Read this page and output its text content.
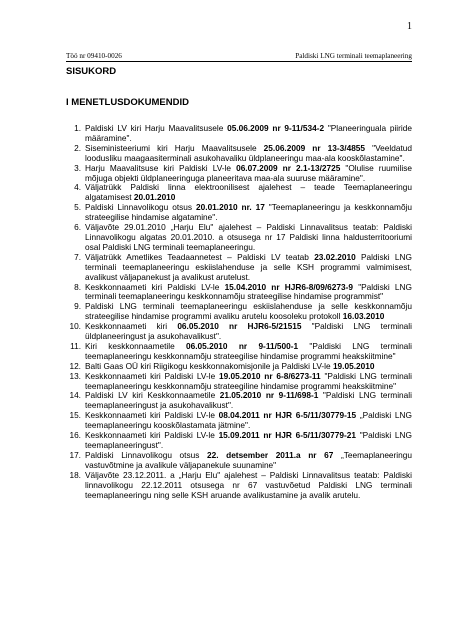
1
Töö nr 09410-0026	Paldiski LNG terminali teemaplaneering
SISUKORD
I MENETLUSDOKUMENDID
1. Paldiski LV kiri Harju Maavalitsusele 05.06.2009 nr 9-11/534-2 "Planeeringuala piiride määramine".
2. Siseministeeriumi kiri Harju Maavalitsusele 25.06.2009 nr 13-3/4855 "Veeldatud loodusliku maagaasiterminali asukohavaliku üldplaneeringu maa-ala kooskõlastamine".
3. Harju Maavalitsuse kiri Paldiski LV-le 06.07.2009 nr 2.1-13/2725 "Olulise ruumilise mõjuga objekti üldplaneeringuga planeeritava maa-ala suuruse määramine".
4. Väljatrükk Paldiski linna elektroonilisest ajalehest – teade Teemaplaneeringu algatamisest 20.01.2010
5. Paldiski Linnavolikogu otsus 20.01.2010 nr. 17 "Teemaplaneeringu ja keskkonnamõju strateegilise hindamise algatamine".
6. Väljavõte 29.01.2010 „Harju Elu" ajalehest – Paldiski Linnavalitsus teatab: Paldiski Linnavolikogu algatas 20.01.2010. a otsusega nr 17 Paldiski linna haldusterritooriumi osal Paldiski LNG terminali teemaplaneeringu.
7. Väljatrükk Ametlikes Teadaannetest – Paldiski LV teatab 23.02.2010 Paldiski LNG terminali teemaplaneeringu eskiislahenduse ja selle KSH programmi valmimisest, avalikust väljapanekust ja avalikust arutelust.
8. Keskkonnaameti kiri Paldiski LV-le 15.04.2010 nr HJR6-8/09/6273-9 "Paldiski LNG terminali teemaplaneeringu keskkonnamõju strateegilise hindamise programmist"
9. Paldiski LNG terminali teemaplaneeringu eskiislahenduse ja selle keskkonnamõju strateegilise hindamise programmi avaliku arutelu koosoleku protokoll 16.03.2010
10. Keskkonnaameti kiri 06.05.2010 nr HJR6-5/21515 "Paldiski LNG terminali üldplaneeringust ja asukohavalikust".
11. Kiri keskkonnaametile 06.05.2010 nr 9-11/500-1 "Paldiski LNG terminali teemaplaneeringu keskkonnamõju strateegilise hindamise programmi heakskiitmine"
12. Balti Gaas OÜ kiri Riigikogu keskkonnakomisjonile ja Paldiski LV-le 19.05.2010
13. Keskkonnaameti kiri Paldiski LV-le 19.05.2010 nr 6-8/6273-11 "Paldiski LNG terminali teemaplaneeringu keskkonnamõju strateegiline hindamise programmi heakskiitmine"
14. Paldiski LV kiri Keskkonnaametile 21.05.2010 nr 9-11/698-1 "Paldiski LNG terminali teemaplaneeringust ja asukohavalikust".
15. Keskkonnaameti kiri Paldiski LV-le 08.04.2011 nr HJR 6-5/11/30779-15 „Paldiski LNG teemaplaneeringu kooskõlastamata jätmine".
16. Keskkonnaameti kiri Paldiski LV-le 15.09.2011 nr HJR 6-5/11/30779-21 "Paldiski LNG teemaplaneeringust".
17. Paldiski Linnavolikogu otsus 22. detsember 2011.a nr 67 „Teemaplaneeringu vastuvõtmine ja avalikule väljapanekule suunamine"
18. Väljavõte 23.12.2011. a „Harju Elu" ajalehest – Paldiski Linnavalitsus teatab: Paldiski linnavolikogu 22.12.2011 otsusega nr 67 vastuvõetud Paldiski LNG terminali teemaplaneeringu ning selle KSH aruande avalikustamine ja avalik arutelu.
